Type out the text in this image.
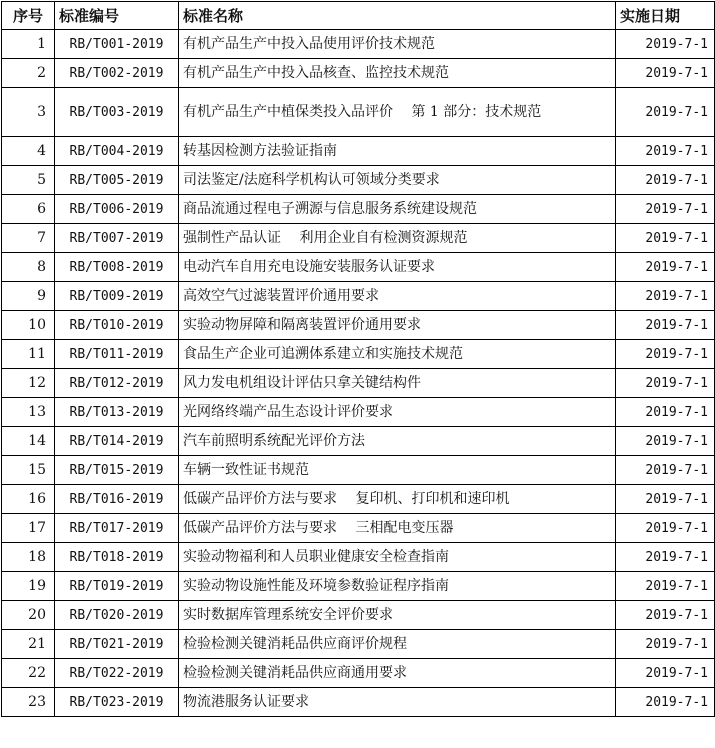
序号	标准编号	标准名称	实施日期
1	RB/T001-2019	有机产品生产中投入品使用评价技术规范	2019-7-1
2	RB/T002-2019	有机产品生产中投入品核查、监控技术规范	2019-7-1
3	RB/T003-2019	有机产品生产中植保类投入品评价　 第 1 部分：技术规范	2019-7-1
4	RB/T004-2019	转基因检测方法验证指南	2019-7-1
5	RB/T005-2019	司法鉴定/法庭科学机构认可领域分类要求	2019-7-1
6	RB/T006-2019	商品流通过程电子溯源与信息服务系统建设规范	2019-7-1
7	RB/T007-2019	强制性产品认证　 利用企业自有检测资源规范	2019-7-1
8	RB/T008-2019	电动汽车自用充电设施安装服务认证要求	2019-7-1
9	RB/T009-2019	高效空气过滤装置评价通用要求	2019-7-1
10	RB/T010-2019	实验动物屏障和隔离装置评价通用要求	2019-7-1
11	RB/T011-2019	食品生产企业可追溯体系建立和实施技术规范	2019-7-1
12	RB/T012-2019	风力发电机组设计评估只拿关键结构件	2019-7-1
13	RB/T013-2019	光网络终端产品生态设计评价要求	2019-7-1
14	RB/T014-2019	汽车前照明系统配光评价方法	2019-7-1
15	RB/T015-2019	车辆一致性证书规范	2019-7-1
16	RB/T016-2019	低碳产品评价方法与要求　 复印机、打印机和速印机	2019-7-1
17	RB/T017-2019	低碳产品评价方法与要求　 三相配电变压器	2019-7-1
18	RB/T018-2019	实验动物福利和人员职业健康安全检查指南	2019-7-1
19	RB/T019-2019	实验动物设施性能及环境参数验证程序指南	2019-7-1
20	RB/T020-2019	实时数据库管理系统安全评价要求	2019-7-1
21	RB/T021-2019	检验检测关键消耗品供应商评价规程	2019-7-1
22	RB/T022-2019	检验检测关键消耗品供应商通用要求	2019-7-1
23	RB/T023-2019	物流港服务认证要求	2019-7-1
